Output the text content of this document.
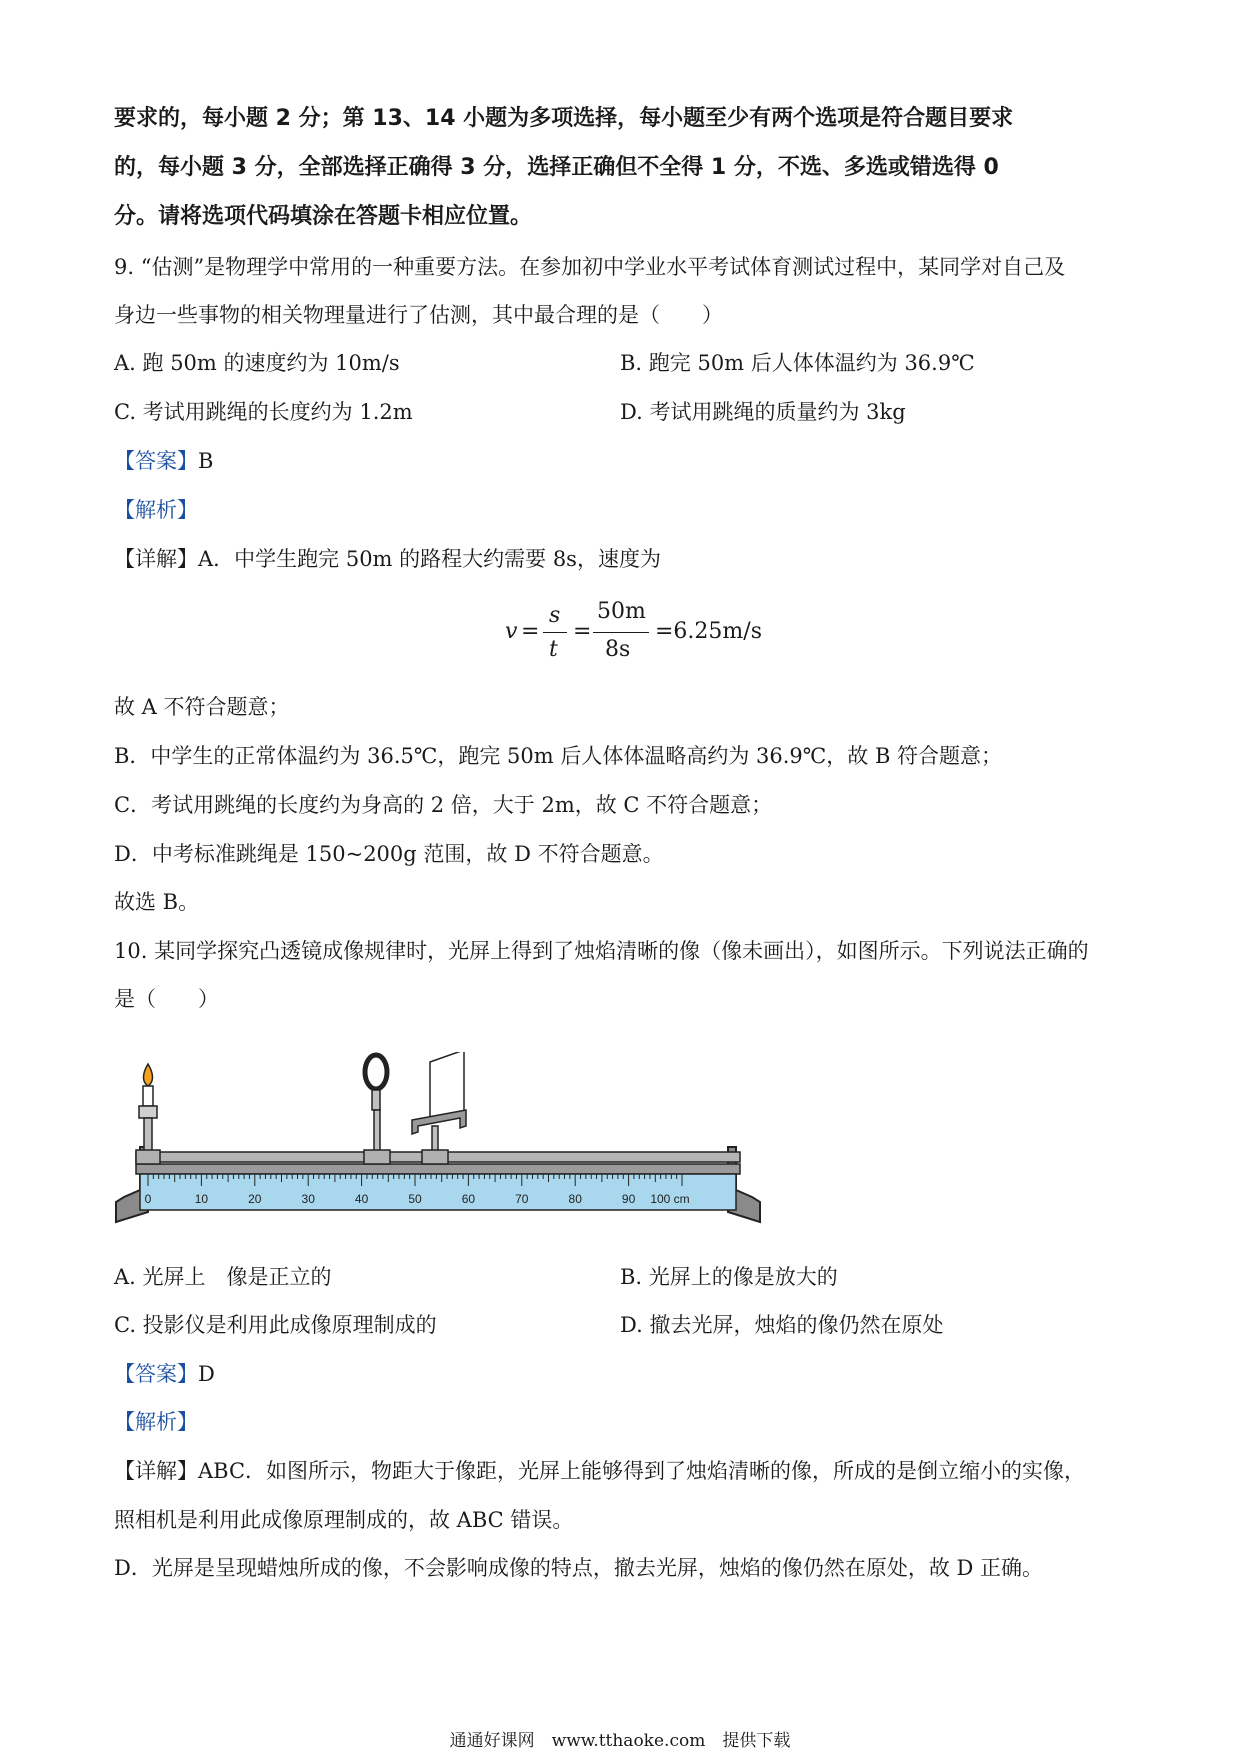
要求的，每小题 2 分；第 13、14 小题为多项选择，每小题至少有两个选项是符合题目要求
的，每小题 3 分，全部选择正确得 3 分，选择正确但不全得 1 分，不选、多选或错选得 0
分。请将选项代码填涂在答题卡相应位置。
9. “估测”是物理学中常用的一种重要方法。在参加初中学业水平考试体育测试过程中，某同学对自己及
身边一些事物的相关物理量进行了估测，其中最合理的是（　　）
A. 跑 50m 的速度约为 10m/s	B. 跑完 50m 后人体体温约为 36.9℃
C. 考试用跳绳的长度约为 1.2m	D. 考试用跳绳的质量约为 3kg
【答案】B
【解析】
【详解】A．中学生跑完 50m 的路程大约需要 8s，速度为
v =
s
t
=
50m
8s
=6.25m/s
故 A 不符合题意；
B．中学生的正常体温约为 36.5℃，跑完 50m 后人体体温略高约为 36.9℃，故 B 符合题意；
C．考试用跳绳的长度约为身高的 2 倍，大于 2m，故 C 不符合题意；
D．中考标准跳绳是 150~200g 范围，故 D 不符合题意。
故选 B。
10. 某同学探究凸透镜成像规律时，光屏上得到了烛焰清晰的像（像未画出），如图所示。下列说法正确的
是（　　）
0	10	20	30	40	50	60	70	80	90 100 cm
A. 光屏上　像是正立的	B. 光屏上的像是放大的
C. 投影仪是利用此成像原理制成的	D. 撤去光屏，烛焰的像仍然在原处
【答案】D
【解析】
【详解】ABC．如图所示，物距大于像距，光屏上能够得到了烛焰清晰的像，所成的是倒立缩小的实像，
照相机是利用此成像原理制成的，故 ABC 错误。
D．光屏是呈现蜡烛所成的像，不会影响成像的特点，撤去光屏，烛焰的像仍然在原处，故 D 正确。
通通好课网　www.tthaoke.com　提供下载
